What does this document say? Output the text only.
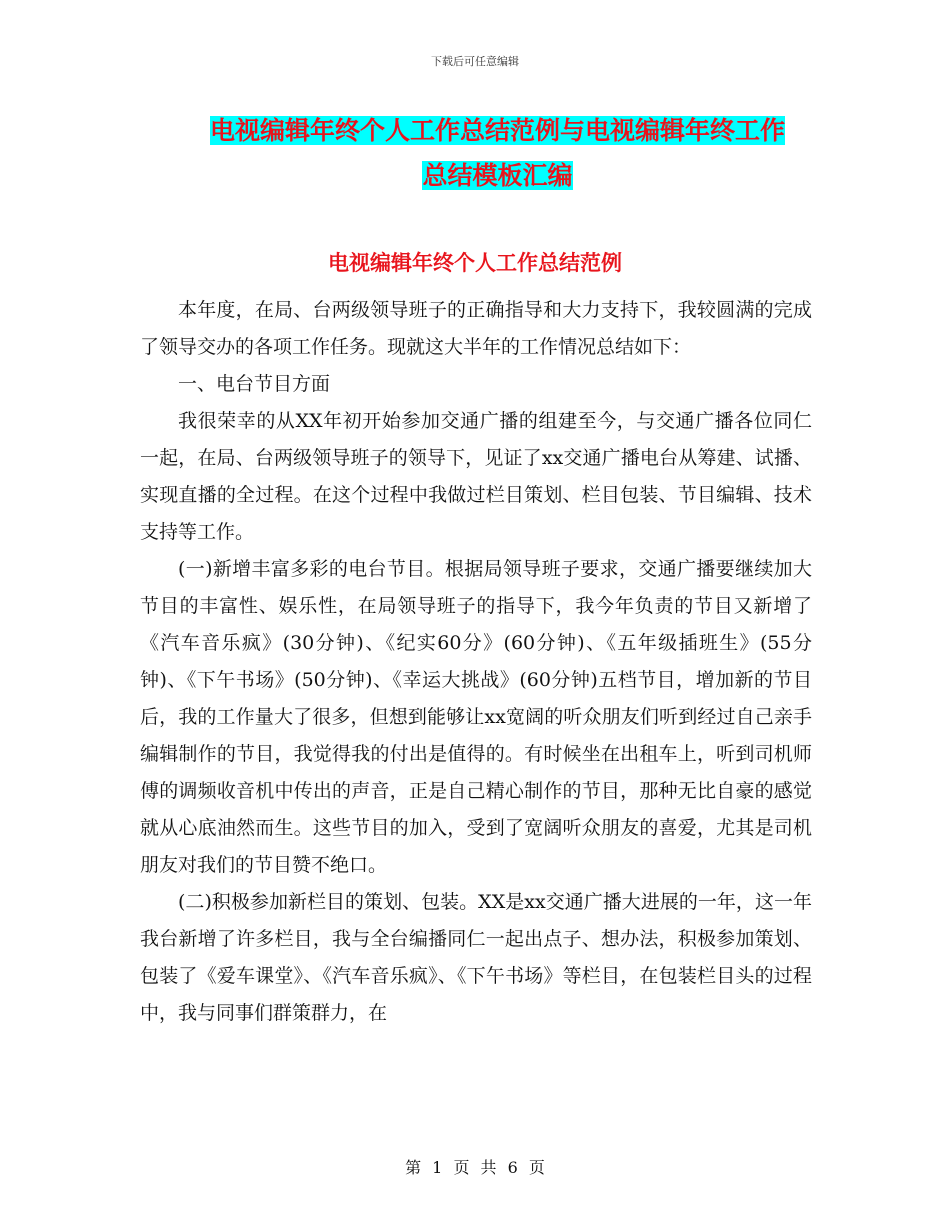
下载后可任意编辑
电视编辑年终个人工作总结范例与电视编辑年终工作
总结模板汇编
电视编辑年终个人工作总结范例

本年度，在局、台两级领导班子的正确指导和大力支持下，我较圆满的完成了领导交办的各项工作任务。现就这大半年的工作情况总结如下：

一、电台节目方面

我很荣幸的从XX年初开始参加交通广播的组建至今，与交通广播各位同仁一起，在局、台两级领导班子的领导下，见证了xx交通广播电台从筹建、试播、实现直播的全过程。在这个过程中我做过栏目策划、栏目包装、节目编辑、技术支持等工作。

(一)新增丰富多彩的电台节目。根据局领导班子要求，交通广播要继续加大节目的丰富性、娱乐性，在局领导班子的指导下，我今年负责的节目又新增了《汽车音乐疯》(30分钟)、《纪实60分》(60分钟)、《五年级插班生》(55分钟)、《下午书场》(50分钟)、《幸运大挑战》(60分钟)五档节目，增加新的节目后，我的工作量大了很多，但想到能够让xx宽阔的听众朋友们听到经过自己亲手编辑制作的节目，我觉得我的付出是值得的。有时候坐在出租车上，听到司机师傅的调频收音机中传出的声音，正是自己精心制作的节目，那种无比自豪的感觉就从心底油然而生。这些节目的加入，受到了宽阔听众朋友的喜爱，尤其是司机朋友对我们的节目赞不绝口。

(二)积极参加新栏目的策划、包装。XX是xx交通广播大进展的一年，这一年我台新增了许多栏目，我与全台编播同仁一起出点子、想办法，积极参加策划、包装了《爱车课堂》、《汽车音乐疯》、《下午书场》等栏目，在包装栏目头的过程中，我与同事们群策群力，在

第 1 页 共 6 页
